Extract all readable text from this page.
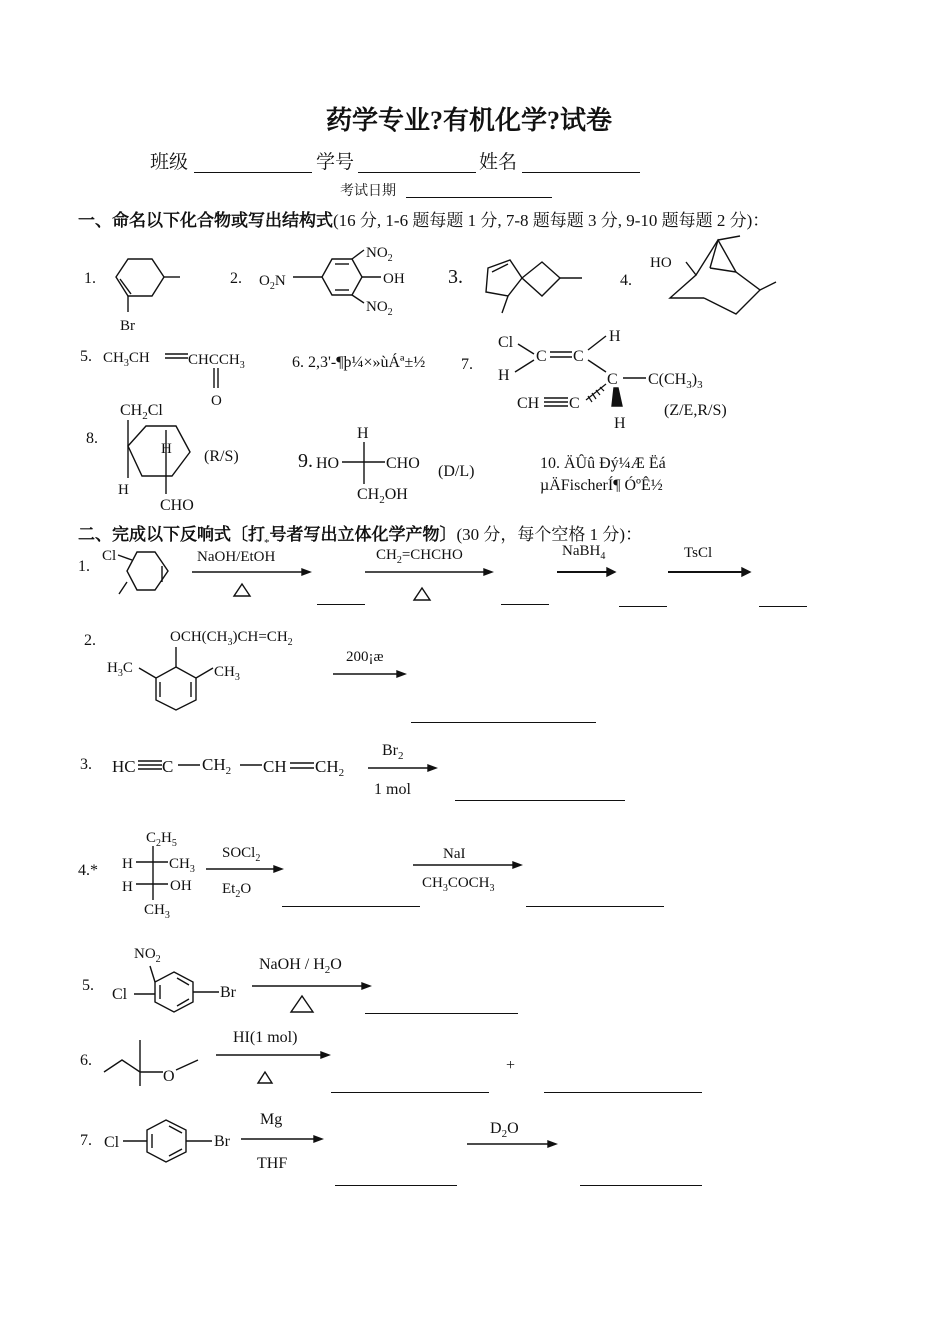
药学专业?有机化学?试卷
班级	学号	姓名
考试日期
一、命名以下化合物或写出结构式(16 分, 1-6 题每题 1 分, 7-8 题每题 3 分, 9-10 题每题 2 分)：
1.	2.	3.	4.
5.	6. 2,3'-¶þ¼×»ùÁª±½ 7.
8.
9.	10. ÄÛû Ðý¼Æ Ëá
µÄFischerÍ¶ ÓºÊ½
(Z/E,R/S)
(R/S)
(D/L)
Br
$NO_2$
OH
$NO_2$
$O_2N$
HO
$CH_3CH$	$CHCCH_3$
O
Cl
H
C C
H
C $C(CH_3)_3$
H
CH C
$CH_2Cl$
H
H
CHO
H
HO	CHO
$CH_2OH$
二、完成以下反响式〔打$_*$号者写出立体化学产物〕(30 分，每个空格 1 分)：
1.
2.
3.
4.*
5.
6.
7.
Cl	NaOH/EtOH	$CH_2=CHCHO$	NaBH$_4$	TsCl
$OCH(CH_3)CH=CH_2$
$H_3C$	$CH_3$
200¡æ
HC C $CH_2$ CH $CH_2$
$Br_2$
1 mol
$C_2H_5$
H
H
$CH_3$
OH
$CH_3$
SOCl$_2$
$Et_2O$
NaI
$CH_3COCH_3$
$NO_2$
Cl	Br
NaOH / $H_2O$
O
HI(1 mol)
+
Cl	Br
Mg
THF
$D_2O$
